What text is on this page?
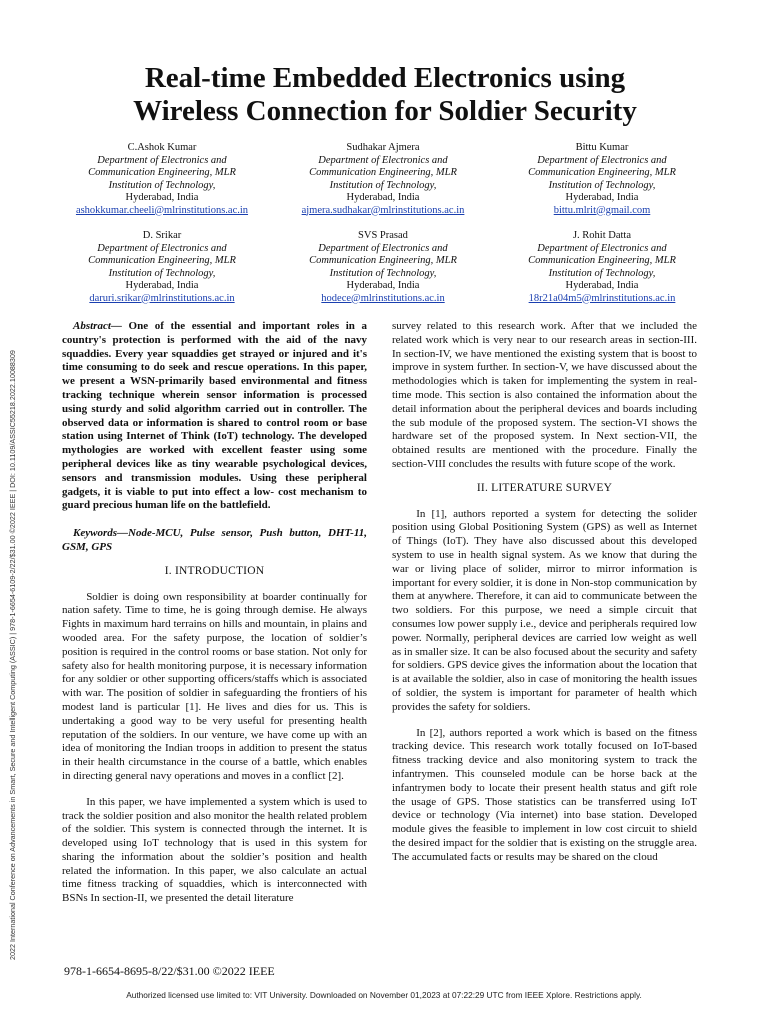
2022 International Conference on Advancements in Smart, Secure and Intelligent Computing (ASSIC) | 978-1-6654-6109-2/22/$31.00 ©2022 IEEE | DOI: 10.1109/ASSIC55218.2022.10088309
Real-time Embedded Electronics using
Wireless Connection for Soldier Security
C.Ashok Kumar
Department of Electronics and
Communication Engineering, MLR
Institution of Technology,
Hyderabad, India
ashokkumar.cheeli@mlrinstitutions.ac.in
Sudhakar Ajmera
Department of Electronics and
Communication Engineering, MLR
Institution of Technology,
Hyderabad, India
ajmera.sudhakar@mlrinstitutions.ac.in
Bittu Kumar
Department of Electronics and
Communication Engineering, MLR
Institution of Technology,
Hyderabad, India
bittu.mlrit@gmail.com
D. Srikar
Department of Electronics and
Communication Engineering, MLR
Institution of Technology,
Hyderabad, India
daruri.srikar@mlrinstitutions.ac.in
SVS Prasad
Department of Electronics and
Communication Engineering, MLR
Institution of Technology,
Hyderabad, India
hodece@mlrinstitutions.ac.in
J. Rohit Datta
Department of Electronics and
Communication Engineering, MLR
Institution of Technology,
Hyderabad, India
18r21a04m5@mlrinstitutions.ac.in

Abstract— One of the essential and important roles in a country's protection is performed with the aid of the navy squaddies. Every year squaddies get strayed or injured and it's time consuming to do seek and rescue operations. In this paper, we present a WSN-primarily based environmental and fitness tracking technique wherein sensor information is processed using sturdy and solid algorithm carried out in controller. The observed data or information is shared to control room or base station using Internet of Think (IoT) technology. The developed mythologies are worked with excellent feaster using some peripheral devices like as tiny wearable psychological devices, sensors and transmission modules. Using these peripheral gadgets, it is viable to put into effect a low- cost mechanism to guard precious human life on the battlefield.

Keywords—Node-MCU, Pulse sensor, Push button, DHT-11, GSM, GPS

I. INTRODUCTION

Soldier is doing own responsibility at boarder continually for nation safety. Time to time, he is going through demise. He always Fights in maximum hard terrains on hills and mountain, in plains and wooded area. For the safety purpose, the location of soldier’s position is required in the control rooms or base station. Not only for safety also for health monitoring purpose, it is necessary information for any soldier or other supporting officers/staffs which is associated with war. The position of soldier in safeguarding the frontiers of his modest land is particular [1]. He lives and dies for us. This is undertaking a good way to be very useful for presenting health reputation of the soldiers. In our venture, we have come up with an idea of monitoring the Indian troops in addition to present the status in their health circumstance in the course of a battle, which enables in directing general navy operations and moves in a conflict [2].

In this paper, we have implemented a system which is used to track the soldier position and also monitor the health related problem of the soldier. This system is connected through the internet. It is developed using IoT technology that is used in this system for sharing the information about the soldier’s position and health related the information. In this paper, we also calculate an actual time fitness tracking of squaddies, which is interconnected with BSNs In section-II, we presented the detail literature

survey related to this research work. After that we included the related work which is very near to our research areas in section-III. In section-IV, we have mentioned the existing system that is boost to improve in system further. In section-V, we have discussed about the methodologies which is taken for implementing the system in real-time mode. This section is also contained the information about the detail information about the peripheral devices and boards including the sub module of the proposed system. The section-VI shows the hardware set of the proposed system. In Next section-VII, the obtained results are mentioned with the procedure. Finally the section-VIII concludes the results with future scope of the work.

II. LITERATURE SURVEY

In [1], authors reported a system for detecting the solider position using Global Positioning System (GPS) as well as Internet of Things (IoT). They have also discussed about this developed system to use in health signal system. As we know that during the war or living place of solider, mirror to mirror information is important for every soldier, it is done in Non-stop communication by them at anywhere. Therefore, it can aid to communicate between the two soldiers. For this purpose, we need a simple circuit that consumes low power supply i.e., device and peripherals required low power. Normally, peripheral devices are carried low weight as well as in smaller size. It can be also focused about the security and safety for soldiers. GPS device gives the information about the location that is at available the soldier, also in case of monitoring the health issues of soldier, the system is important for parameter of health which provides the safety for soldiers.

In [2], authors reported a work which is based on the fitness tracking device. This research work totally focused on IoT-based fitness tracking device and also monitoring system to track the infantrymen. This counseled module can be horse back at the infantrymen body to locate their present health status and gift role the usage of GPS. Those statistics can be transferred using IoT device or technology (Via internet) into base station. Developed module gives the feasible to implement in low cost circuit to shield the desired impact for the soldier that is existing on the struggle area. The accumulated facts or results may be shared on the cloud

978-1-6654-8695-8/22/$31.00 ©2022 IEEE
Authorized licensed use limited to: VIT University. Downloaded on November 01,2023 at 07:22:29 UTC from IEEE Xplore. Restrictions apply.
